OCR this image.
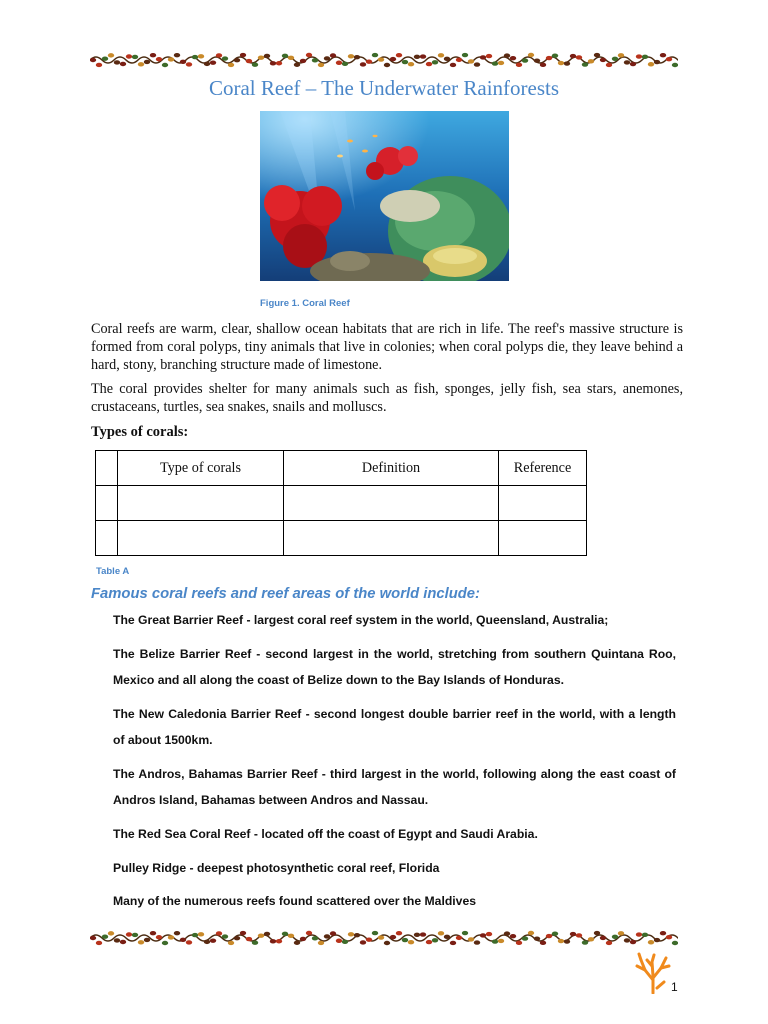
Coral Reef – The Underwater Rainforests
Figure 1. Coral Reef

Coral reefs are warm, clear, shallow ocean habitats that are rich in life. The reef's massive structure is formed from coral polyps, tiny animals that live in colonies; when coral polyps die, they leave behind a hard, stony, branching structure made of limestone.

The coral provides shelter for many animals such as fish, sponges, jelly fish, sea stars, anemones, crustaceans, turtles, sea snakes, snails and molluscs.

Types of corals:
	Type of corals	Definition	Reference

Table A
Famous coral reefs and reef areas of the world include:
The Great Barrier Reef - largest coral reef system in the world, Queensland, Australia;
The Belize Barrier Reef - second largest in the world, stretching from southern Quintana Roo, Mexico and all along the coast of Belize down to the Bay Islands of Honduras.
The New Caledonia Barrier Reef - second longest double barrier reef in the world, with a length of about 1500km.
The Andros, Bahamas Barrier Reef - third largest in the world, following along the east coast of Andros Island, Bahamas between Andros and Nassau.
The Red Sea Coral Reef - located off the coast of Egypt and Saudi Arabia.
Pulley Ridge - deepest photosynthetic coral reef, Florida
Many of the numerous reefs found scattered over the Maldives
1
